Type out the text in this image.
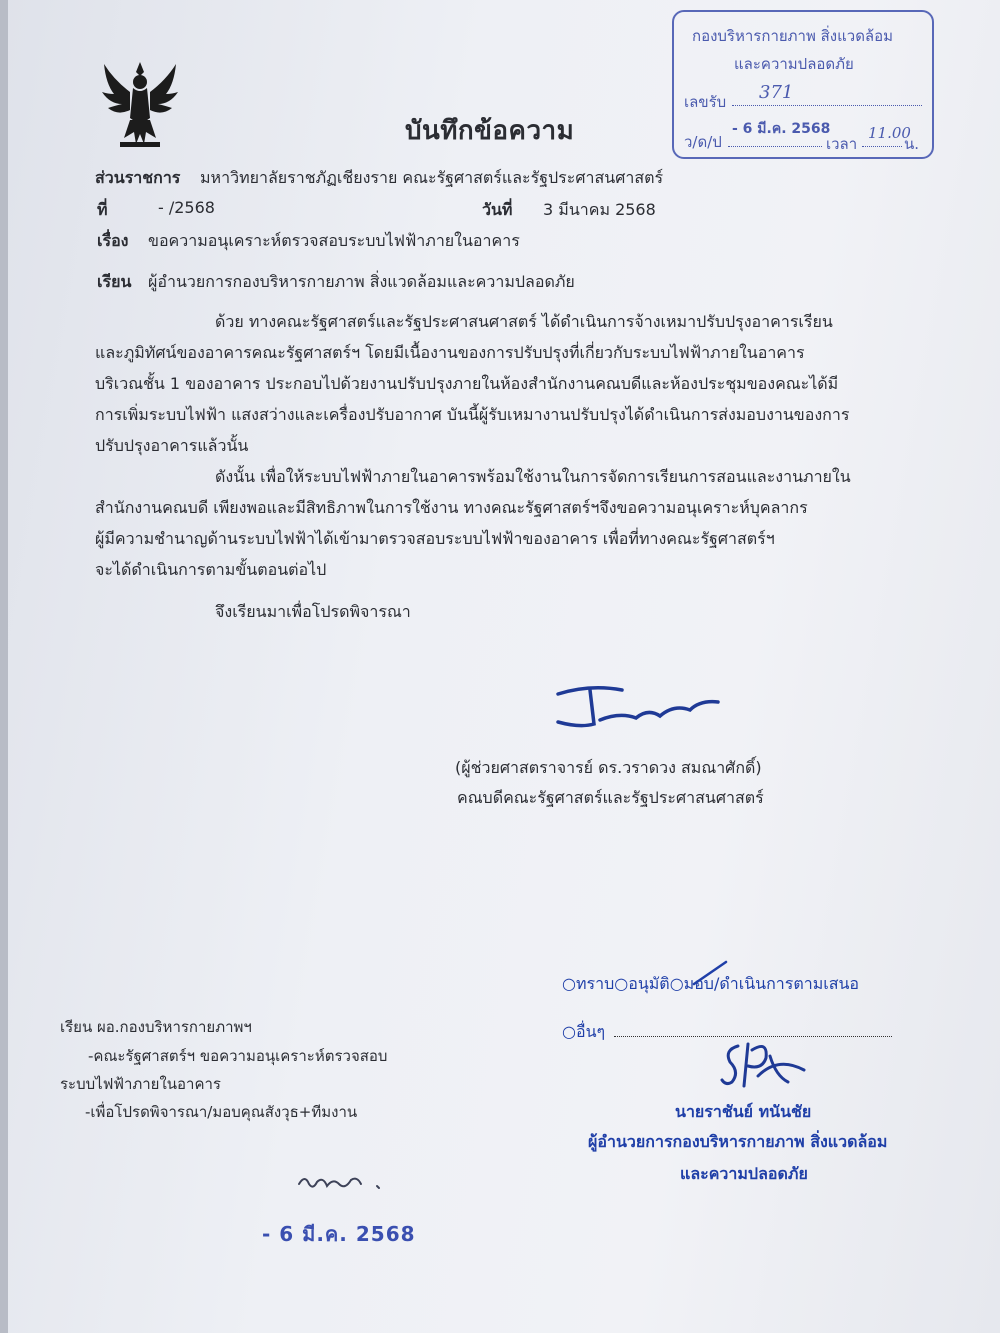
บันทึกข้อความ
กองบริหารกายภาพ สิ่งแวดล้อม
และความปลอดภัย
เลขรับ 371
ว/ด/ป
- 6 มี.ค. 2568
เวลา
11.00
น.
ส่วนราชการ มหาวิทยาลัยราชภัฏเชียงราย คณะรัฐศาสตร์และรัฐประศาสนศาสตร์
ที่	- /2568	วันที่ 3 มีนาคม 2568
เรื่อง ขอความอนุเคราะห์ตรวจสอบระบบไฟฟ้าภายในอาคาร
เรียน ผู้อำนวยการกองบริหารกายภาพ สิ่งแวดล้อมและความปลอดภัย
ด้วย ทางคณะรัฐศาสตร์และรัฐประศาสนศาสตร์ ได้ดำเนินการจ้างเหมาปรับปรุงอาคารเรียน
และภูมิทัศน์ของอาคารคณะรัฐศาสตร์ฯ โดยมีเนื้องานของการปรับปรุงที่เกี่ยวกับระบบไฟฟ้าภายในอาคาร
บริเวณชั้น 1 ของอาคาร ประกอบไปด้วยงานปรับปรุงภายในห้องสำนักงานคณบดีและห้องประชุมของคณะได้มี
การเพิ่มระบบไฟฟ้า แสงสว่างและเครื่องปรับอากาศ บันนี้ผู้รับเหมางานปรับปรุงได้ดำเนินการส่งมอบงานของการ
ปรับปรุงอาคารแล้วนั้น
ดังนั้น เพื่อให้ระบบไฟฟ้าภายในอาคารพร้อมใช้งานในการจัดการเรียนการสอนและงานภายใน
สำนักงานคณบดี เพียงพอและมีสิทธิภาพในการใช้งาน ทางคณะรัฐศาสตร์ฯจึงขอความอนุเคราะห์บุคลากร
ผู้มีความชำนาญด้านระบบไฟฟ้าได้เข้ามาตรวจสอบระบบไฟฟ้าของอาคาร เพื่อที่ทางคณะรัฐศาสตร์ฯ
จะได้ดำเนินการตามขั้นตอนต่อไป
จึงเรียนมาเพื่อโปรดพิจารณา
(ผู้ช่วยศาสตราจารย์ ดร.วราดวง สมณาศักดิ์)
คณบดีคณะรัฐศาสตร์และรัฐประศาสนศาสตร์
○ทราบ○อนุมัติ○มอบ/ดำเนินการตามเสนอ
○อื่นๆ
นายราชันย์ ทนันชัย
ผู้อำนวยการกองบริหารกายภาพ สิ่งแวดล้อม
และความปลอดภัย
เรียน ผอ.กองบริหารกายภาพฯ
-คณะรัฐศาสตร์ฯ ขอความอนุเคราะห์ตรวจสอบ
ระบบไฟฟ้าภายในอาคาร
-เพื่อโปรดพิจารณา/มอบคุณสังวุธ+ทีมงาน
- 6 มี.ค. 2568
